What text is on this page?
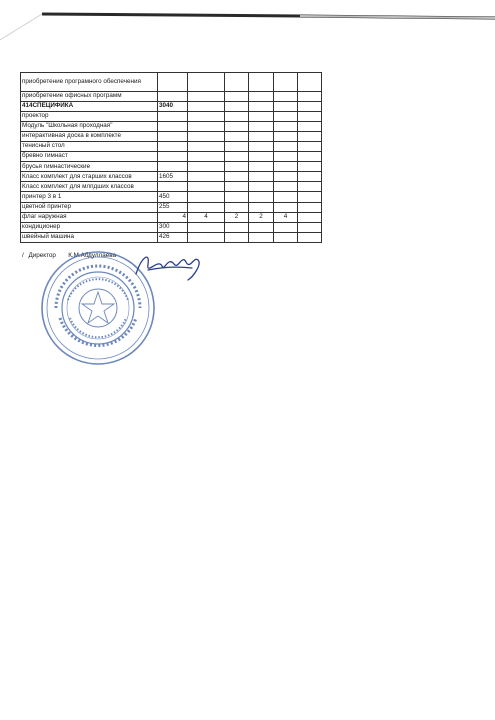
приобретение програмного обеспечения						
приобретение офисных программ						
414СПЕЦИФИКА	3040					
проектор						
Модуль "Школьная проходная"						
интерактивная доска в комплекте						
тенисный стол						
бревно гимнаст						
брусья гимнастические						
Класс комплект для старших классов	1605					
Класс комплект для млпдших классов						
принтер 3 в 1	450					
цветной принтер	255					
флаг наружная	4	4	2	2	4	
кондиционер	300					
швейный машина	426					
/ Директор К.М.Абдуллаева
